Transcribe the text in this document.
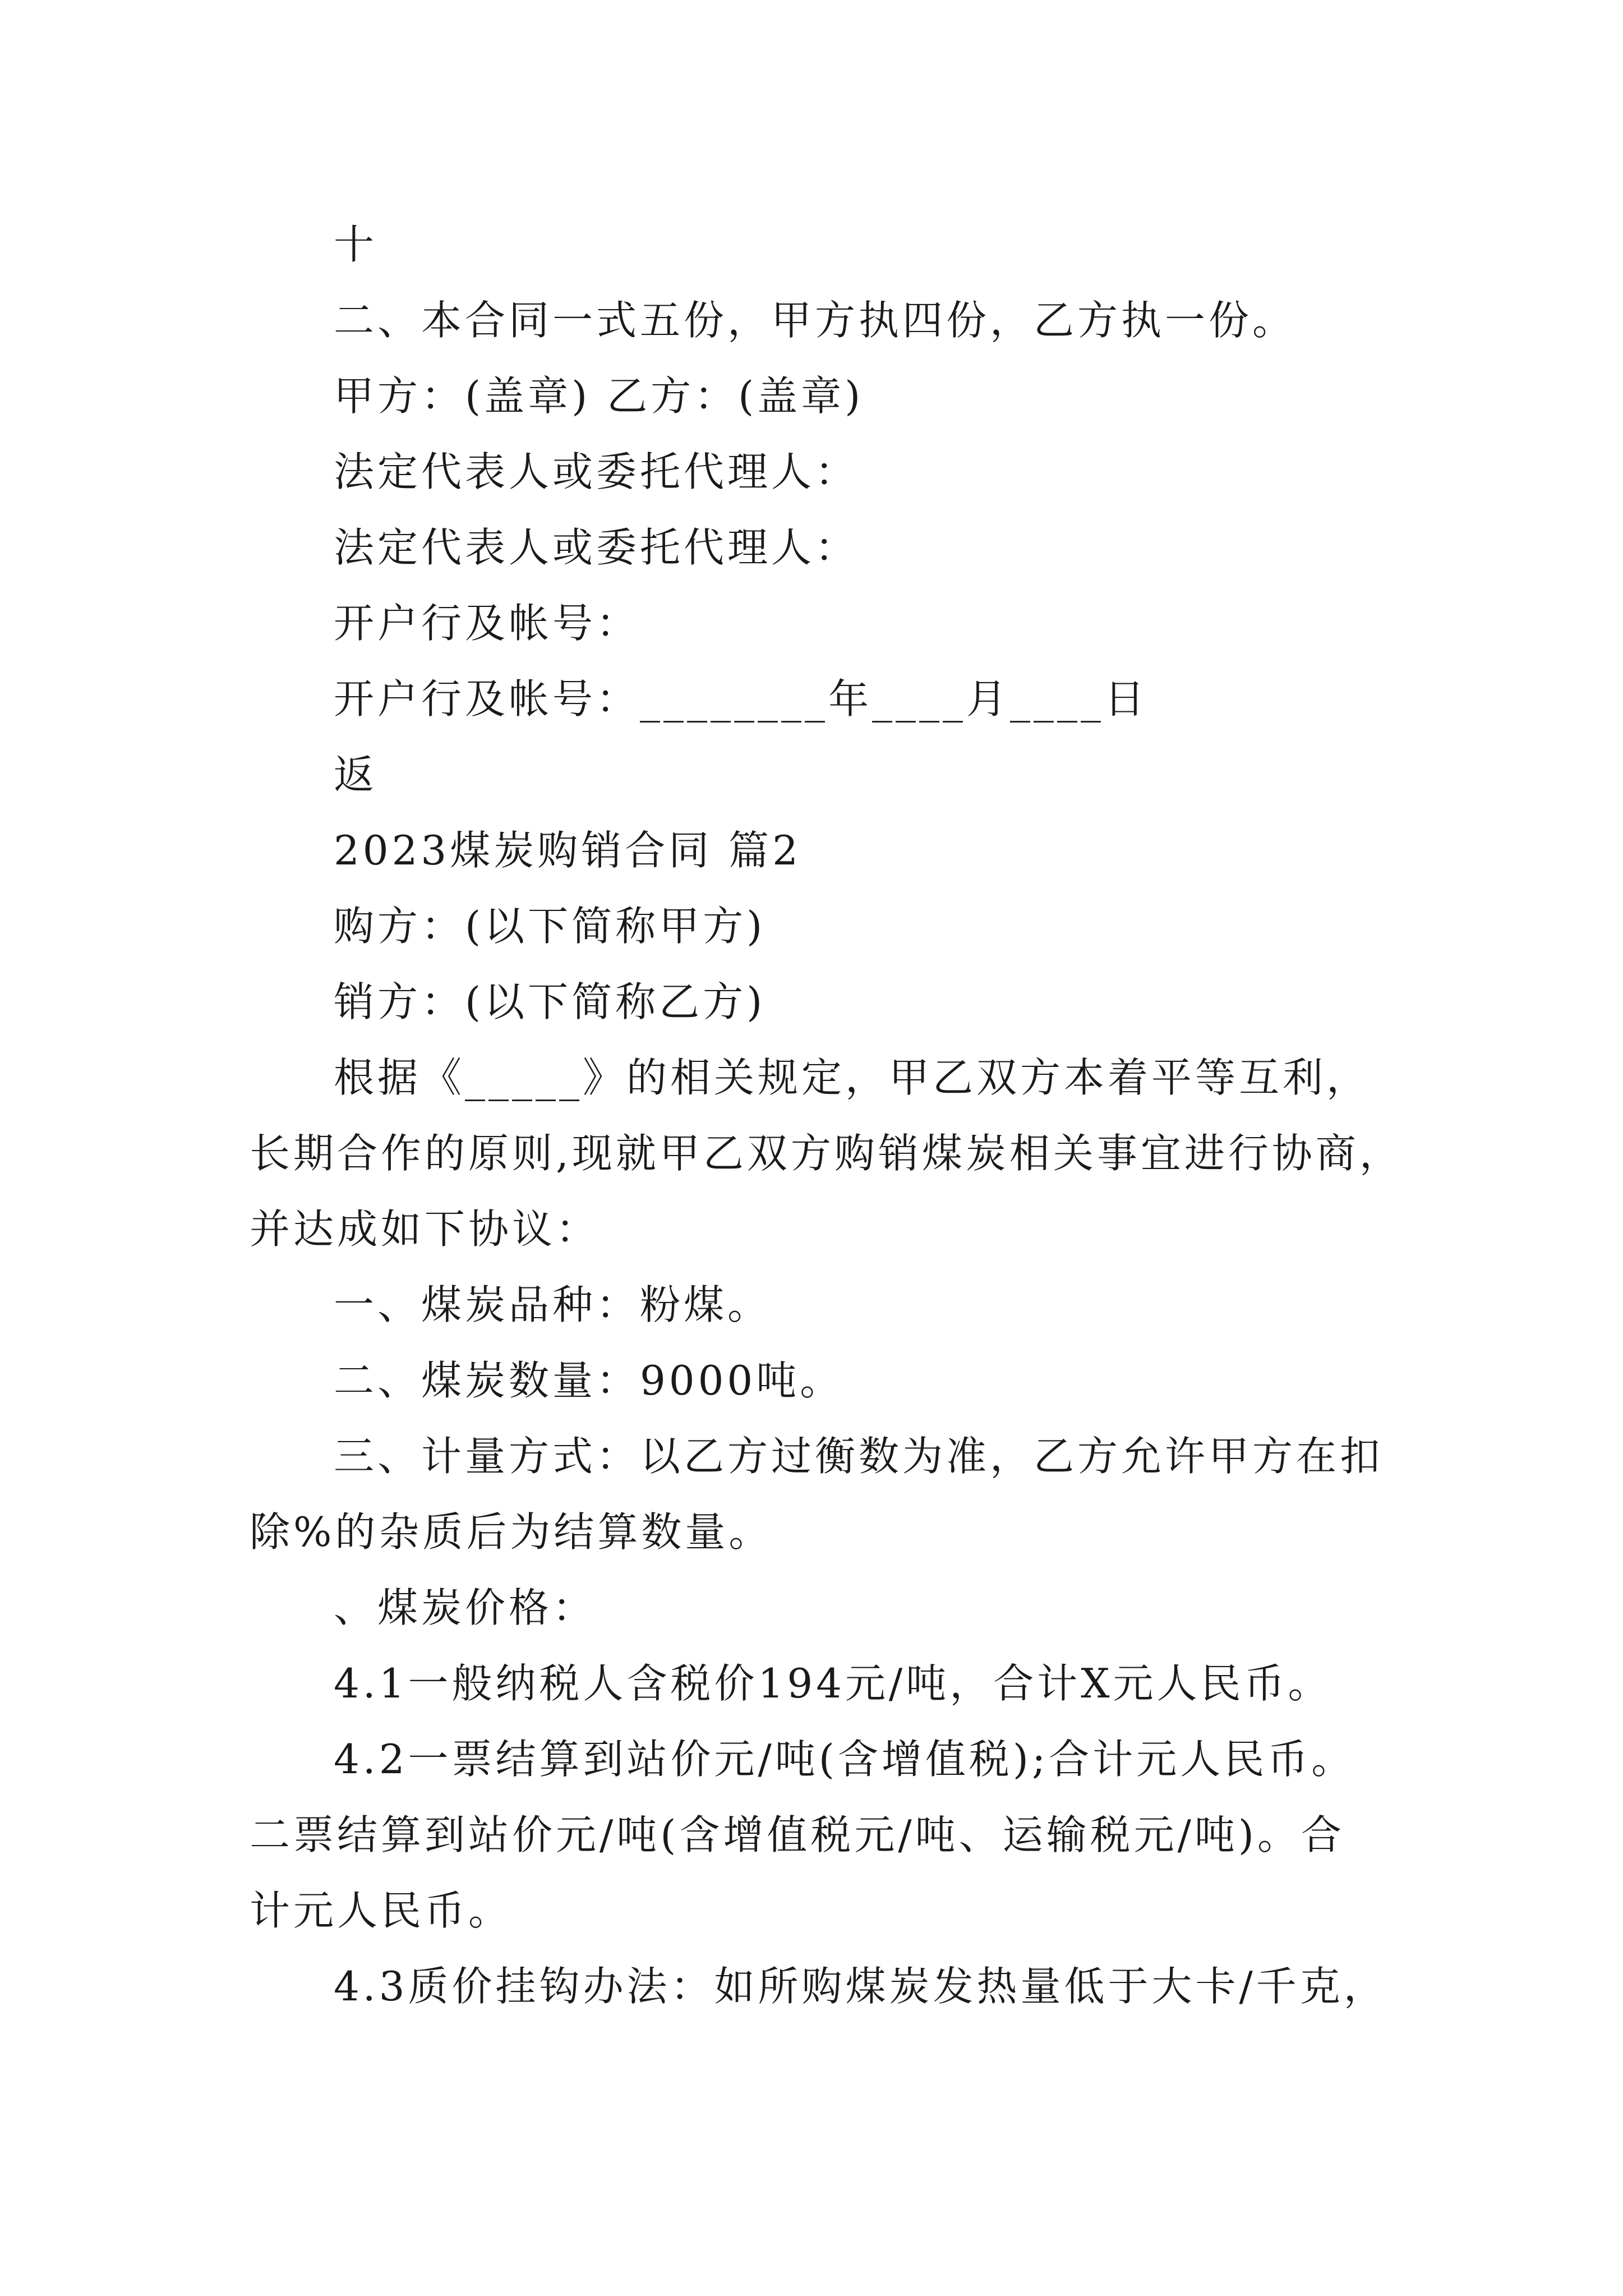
十
二、本合同一式五份，甲方执四份，乙方执一份。
甲方：(盖章) 乙方：(盖章)
法定代表人或委托代理人：
法定代表人或委托代理人：
开户行及帐号：
开户行及帐号：________年____月____日
返
2023煤炭购销合同 篇2
购方：(以下简称甲方)
销方：(以下简称乙方)
根据《_____》的相关规定，甲乙双方本着平等互利，
长期合作的原则,现就甲乙双方购销煤炭相关事宜进行协商，
并达成如下协议：
一、煤炭品种：粉煤。
二、煤炭数量：9000吨。
三、计量方式：以乙方过衡数为准，乙方允许甲方在扣
除%的杂质后为结算数量。
、煤炭价格：
4.1一般纳税人含税价194元/吨，合计X元人民币。
4.2一票结算到站价元/吨(含增值税);合计元人民币。
二票结算到站价元/吨(含增值税元/吨、运输税元/吨)。合
计元人民币。
4.3质价挂钩办法：如所购煤炭发热量低于大卡/千克，
